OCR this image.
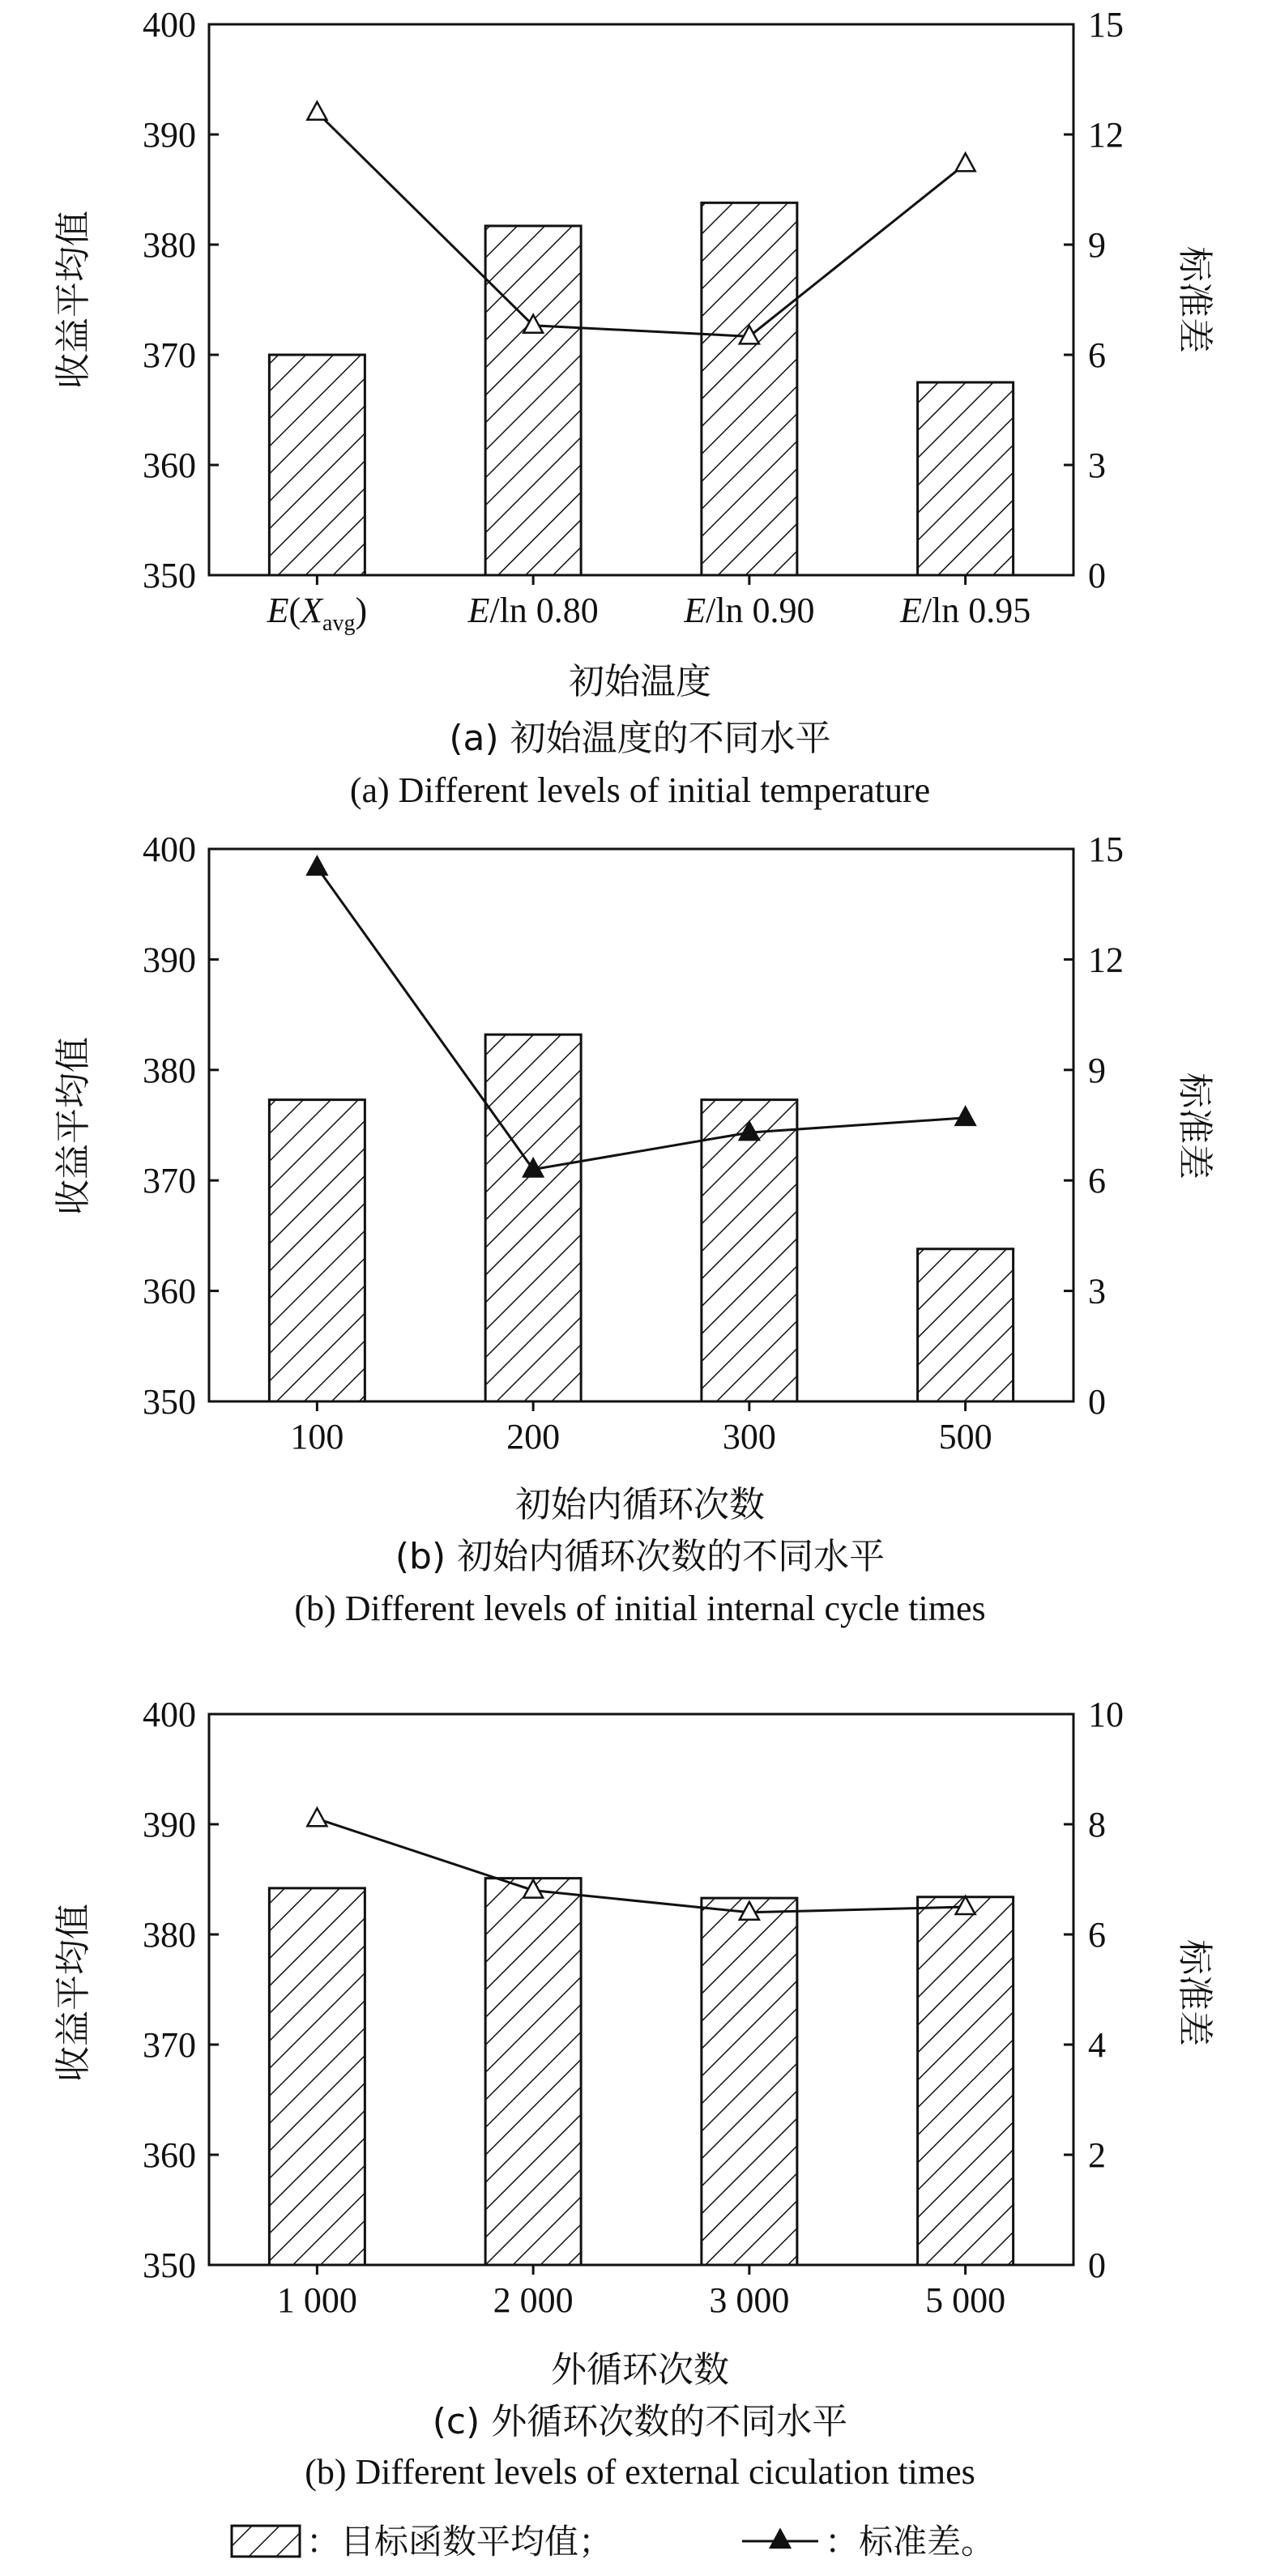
收益平均值	标准差
初始温度
(a) 初始温度的不同水平
(a) Different levels of initial temperature
350
360
370
380
390
400
0
3
6
9
12
15
$E(X_{avg})$	E/ln 0.80 E/ln 0.90 E/ln 0.95
收益平均值	标准差
初始内循环次数
(b) 初始内循环次数的不同水平
(b) Different levels of initial internal cycle times
350
360
370
380
390
400
0
3
6
9
12
15
100	200	300	500
收益平均值	标准差
外循环次数
(c) 外循环次数的不同水平
(b) Different levels of external ciculation times
350
360
370
380
390
400
0
2
4
6
8
10
1 000	2 000	3 000	5 000
：目标函数平均值；	：标准差。
